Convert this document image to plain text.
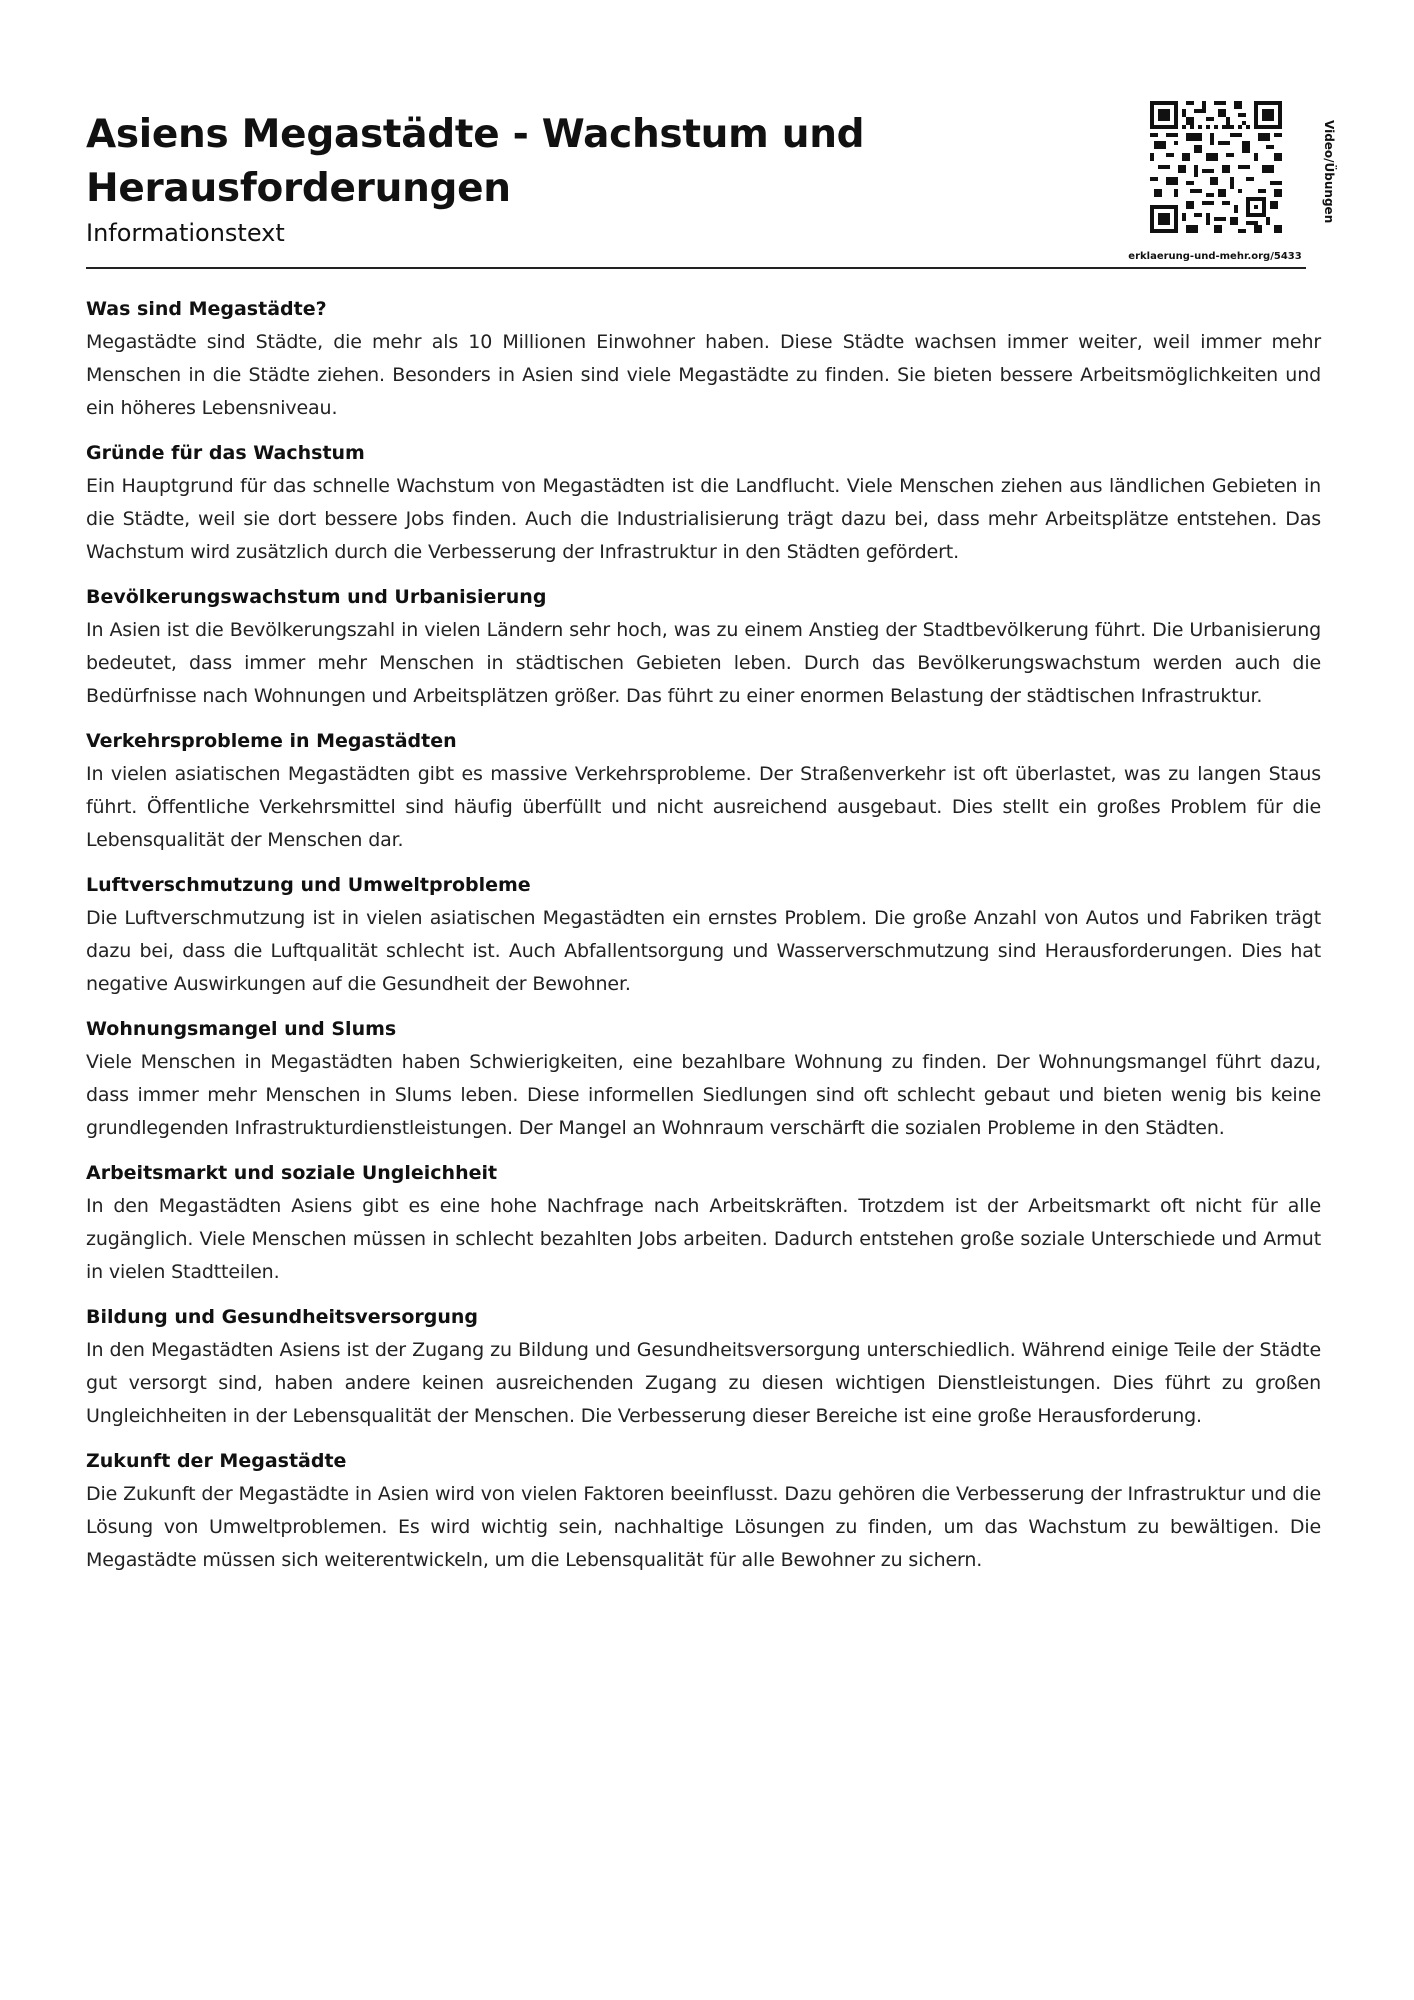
Asiens Megastädte - Wachstum und Herausforderungen
Informationstext
erklaerung-und-mehr.org/5433
Video/Übungen
Was sind Megastädte?

Megastädte sind Städte, die mehr als 10 Millionen Einwohner haben. Diese Städte wachsen immer weiter, weil immer mehr Menschen in die Städte ziehen. Besonders in Asien sind viele Megastädte zu finden. Sie bieten bessere Arbeitsmöglichkeiten und ein höheres Lebensniveau.

Gründe für das Wachstum

Ein Hauptgrund für das schnelle Wachstum von Megastädten ist die Landflucht. Viele Menschen ziehen aus ländlichen Gebieten in die Städte, weil sie dort bessere Jobs finden. Auch die Industrialisierung trägt dazu bei, dass mehr Arbeitsplätze entstehen. Das Wachstum wird zusätzlich durch die Verbesserung der Infrastruktur in den Städten gefördert.

Bevölkerungswachstum und Urbanisierung

In Asien ist die Bevölkerungszahl in vielen Ländern sehr hoch, was zu einem Anstieg der Stadtbevölkerung führt. Die Urbanisierung bedeutet, dass immer mehr Menschen in städtischen Gebieten leben. Durch das Bevölkerungswachstum werden auch die Bedürfnisse nach Wohnungen und Arbeitsplätzen größer. Das führt zu einer enormen Belastung der städtischen Infrastruktur.

Verkehrsprobleme in Megastädten

In vielen asiatischen Megastädten gibt es massive Verkehrsprobleme. Der Straßenverkehr ist oft überlastet, was zu langen Staus führt. Öffentliche Verkehrsmittel sind häufig überfüllt und nicht ausreichend ausgebaut. Dies stellt ein großes Problem für die Lebensqualität der Menschen dar.

Luftverschmutzung und Umweltprobleme

Die Luftverschmutzung ist in vielen asiatischen Megastädten ein ernstes Problem. Die große Anzahl von Autos und Fabriken trägt dazu bei, dass die Luftqualität schlecht ist. Auch Abfallentsorgung und Wasserverschmutzung sind Herausforderungen. Dies hat negative Auswirkungen auf die Gesundheit der Bewohner.

Wohnungsmangel und Slums

Viele Menschen in Megastädten haben Schwierigkeiten, eine bezahlbare Wohnung zu finden. Der Wohnungsmangel führt dazu, dass immer mehr Menschen in Slums leben. Diese informellen Siedlungen sind oft schlecht gebaut und bieten wenig bis keine grundlegenden Infrastrukturdienstleistungen. Der Mangel an Wohnraum verschärft die sozialen Probleme in den Städten.

Arbeitsmarkt und soziale Ungleichheit

In den Megastädten Asiens gibt es eine hohe Nachfrage nach Arbeitskräften. Trotzdem ist der Arbeitsmarkt oft nicht für alle zugänglich. Viele Menschen müssen in schlecht bezahlten Jobs arbeiten. Dadurch entstehen große soziale Unterschiede und Armut in vielen Stadtteilen.

Bildung und Gesundheitsversorgung

In den Megastädten Asiens ist der Zugang zu Bildung und Gesundheitsversorgung unterschiedlich. Während einige Teile der Städte gut versorgt sind, haben andere keinen ausreichenden Zugang zu diesen wichtigen Dienstleistungen. Dies führt zu großen Ungleichheiten in der Lebensqualität der Menschen. Die Verbesserung dieser Bereiche ist eine große Herausforderung.

Zukunft der Megastädte

Die Zukunft der Megastädte in Asien wird von vielen Faktoren beeinflusst. Dazu gehören die Verbesserung der Infrastruktur und die Lösung von Umweltproblemen. Es wird wichtig sein, nachhaltige Lösungen zu finden, um das Wachstum zu bewältigen. Die Megastädte müssen sich weiterentwickeln, um die Lebensqualität für alle Bewohner zu sichern.
